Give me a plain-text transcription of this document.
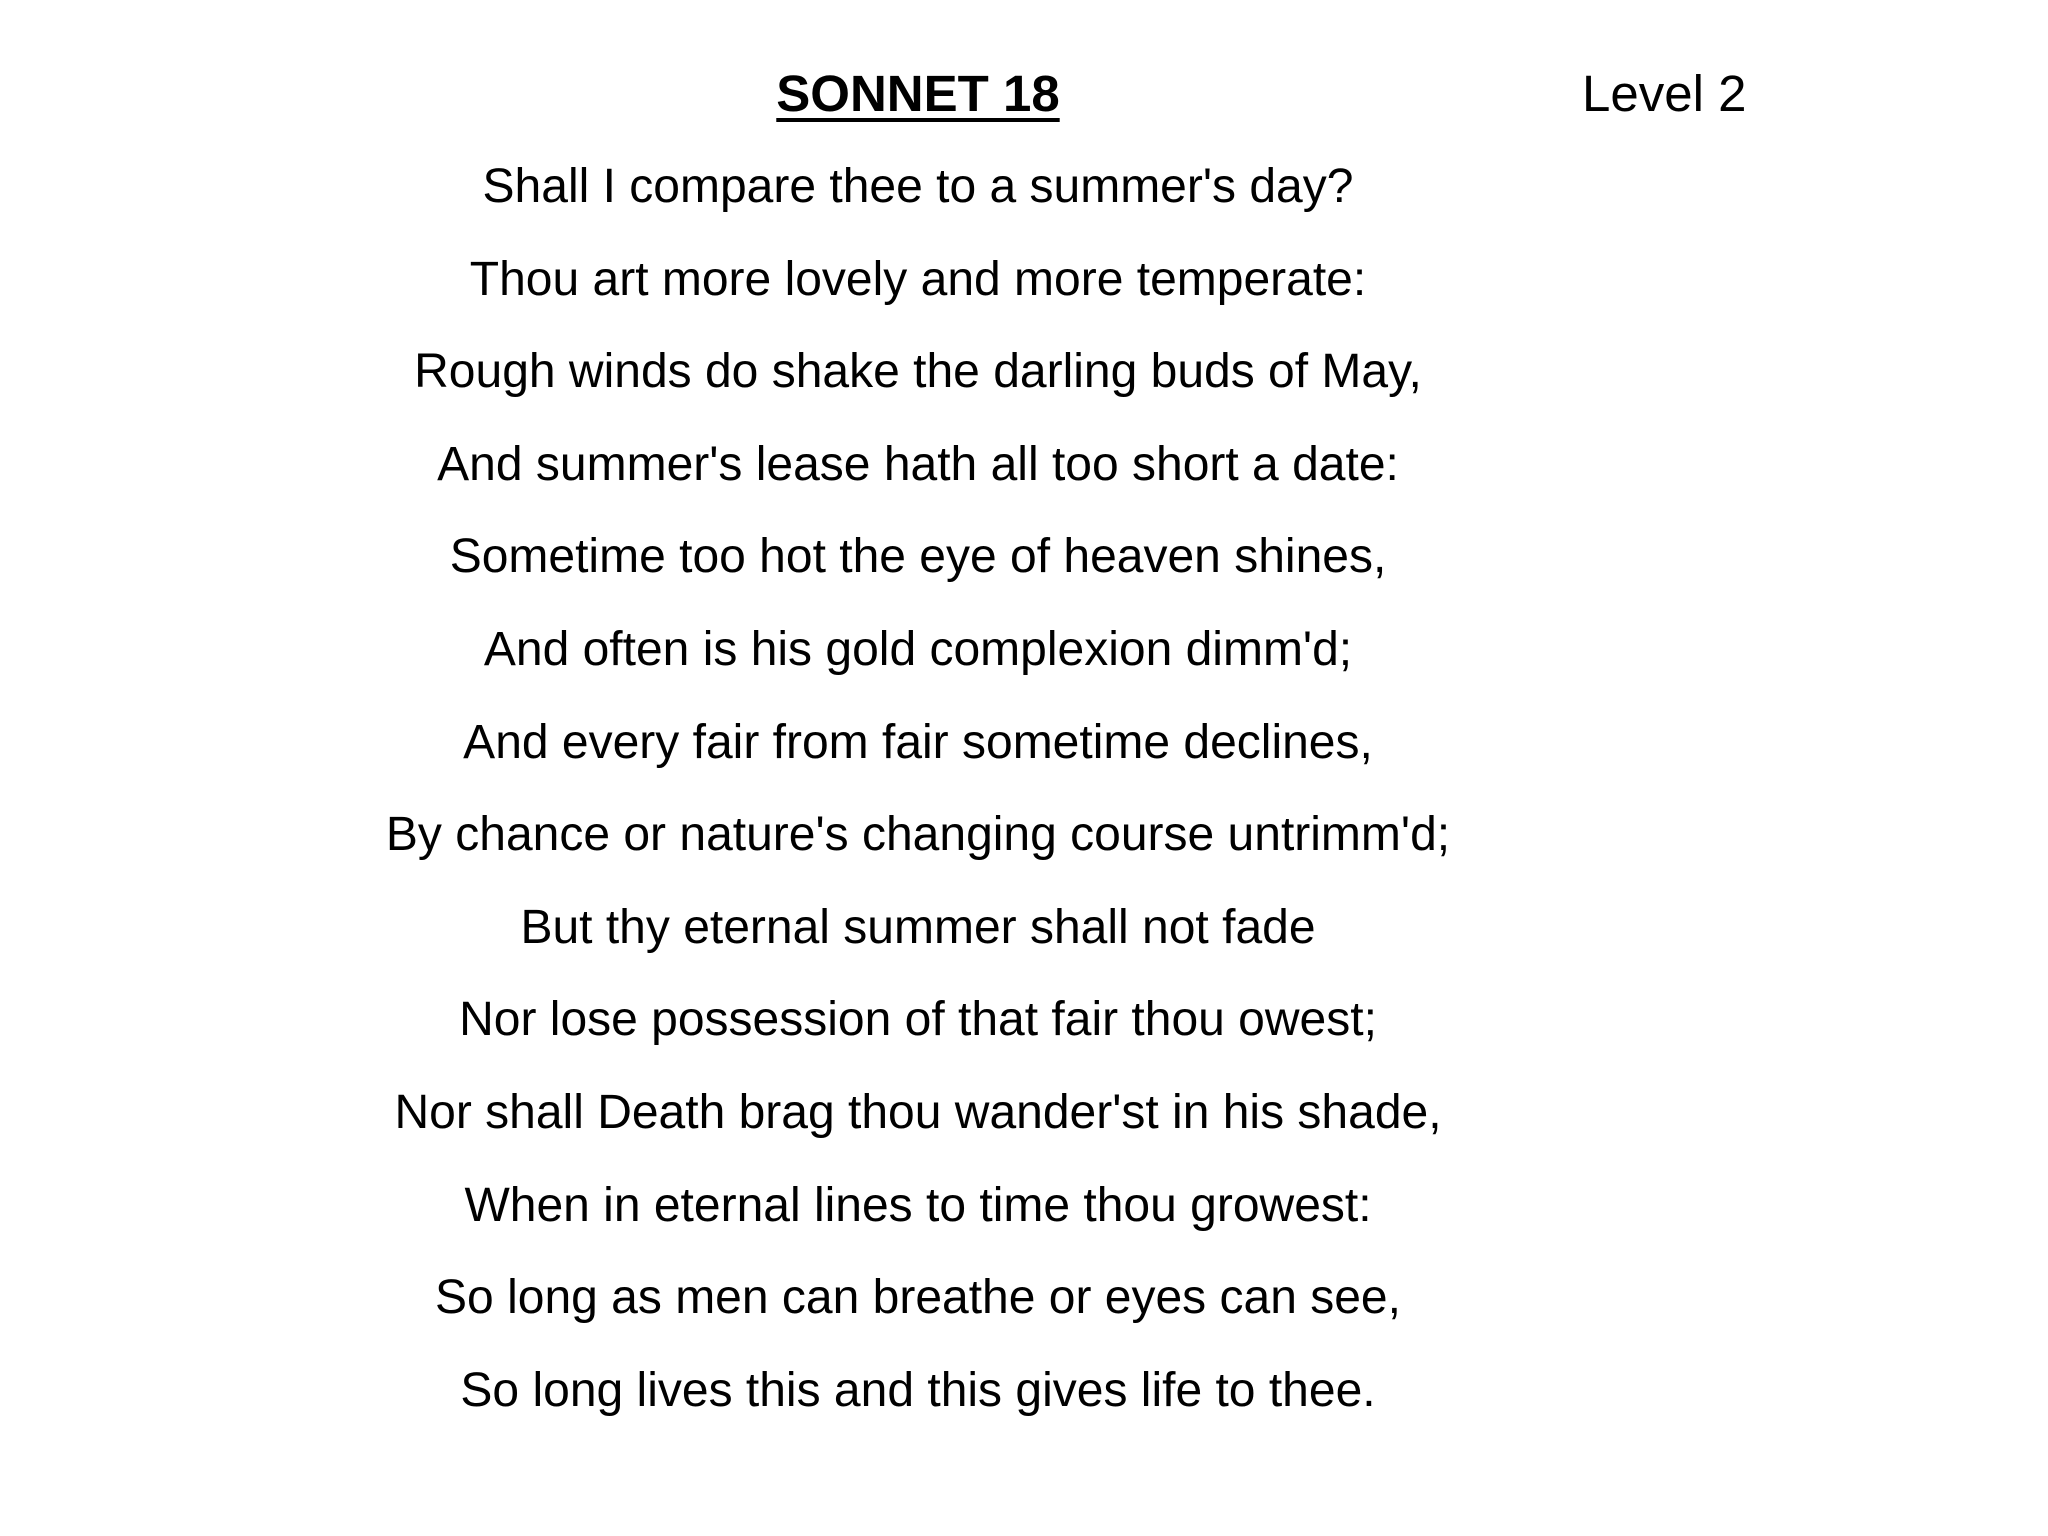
SONNET 18	Level 2
Shall I compare thee to a summer's day?
Thou art more lovely and more temperate:
Rough winds do shake the darling buds of May,
And summer's lease hath all too short a date:
Sometime too hot the eye of heaven shines,
And often is his gold complexion dimm'd;
And every fair from fair sometime declines,
By chance or nature's changing course untrimm'd;
But thy eternal summer shall not fade
Nor lose possession of that fair thou owest;
Nor shall Death brag thou wander'st in his shade,
When in eternal lines to time thou growest:
So long as men can breathe or eyes can see,
So long lives this and this gives life to thee.
